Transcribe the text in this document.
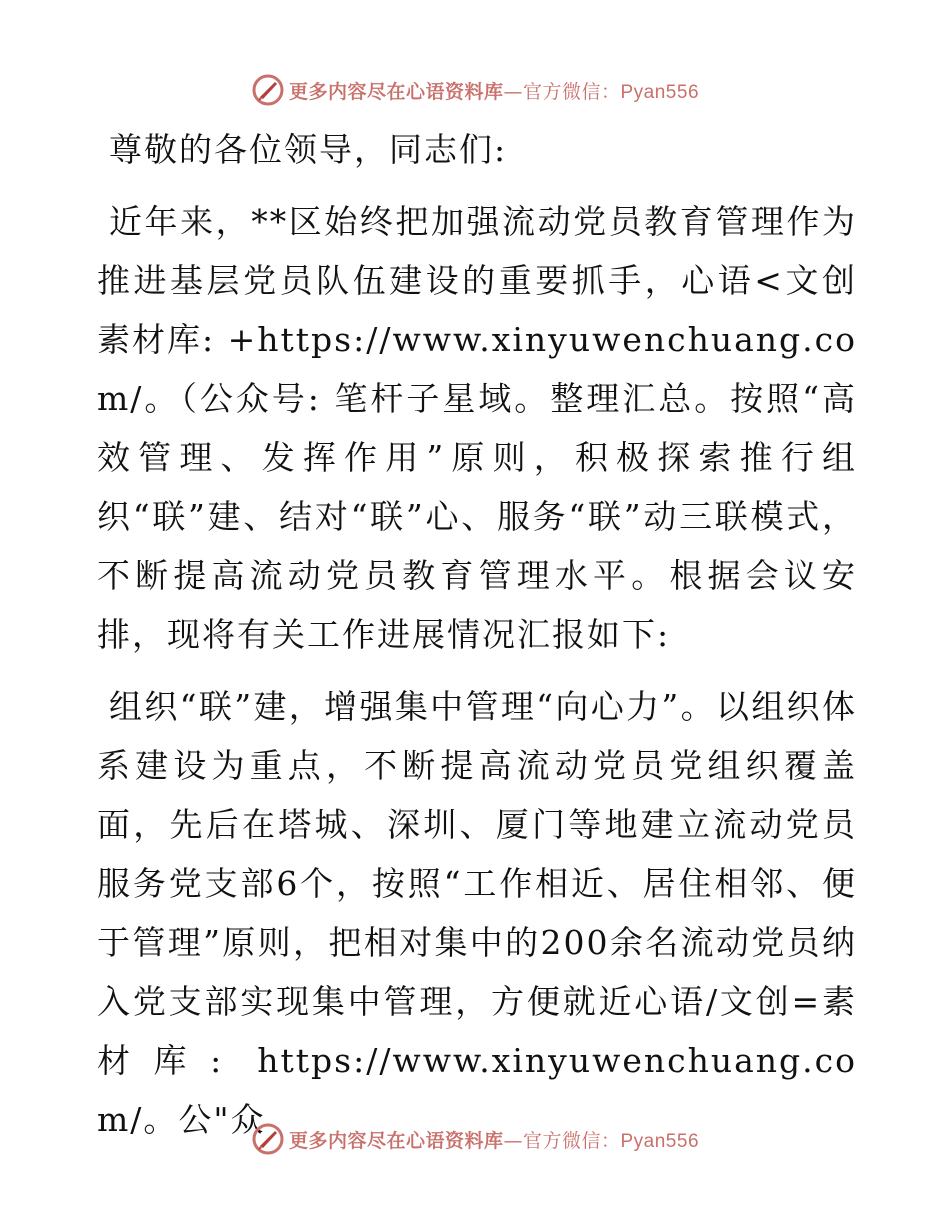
更多内容尽在心语资料库—官方微信：Pyan556

尊敬的各位领导，同志们:

近年来，**区始终把加强流动党员教育管理作为推进基层党员队伍建设的重要抓手，心语<文创素材库: +https://www.xinyuwenchuang.com/。（公众号: 笔杆子星域。整理汇总。按照“高效管理、发挥作用”原则，积极探索推行组织“联”建、结对“联”心、服务“联”动三联模式，不断提高流动党员教育管理水平。根据会议安排，现将有关工作进展情况汇报如下:

组织“联”建，增强集中管理“向心力”。以组织体系建设为重点，不断提高流动党员党组织覆盖面，先后在塔城、深圳、厦门等地建立流动党员服务党支部6个，按照“工作相近、居住相邻、便于管理”原则，把相对集中的200余名流动党员纳入党支部实现集中管理，方便就近心语/文创=素材库: https://www.xinyuwenchuang.com/。公"众

更多内容尽在心语资料库—官方微信：Pyan556
